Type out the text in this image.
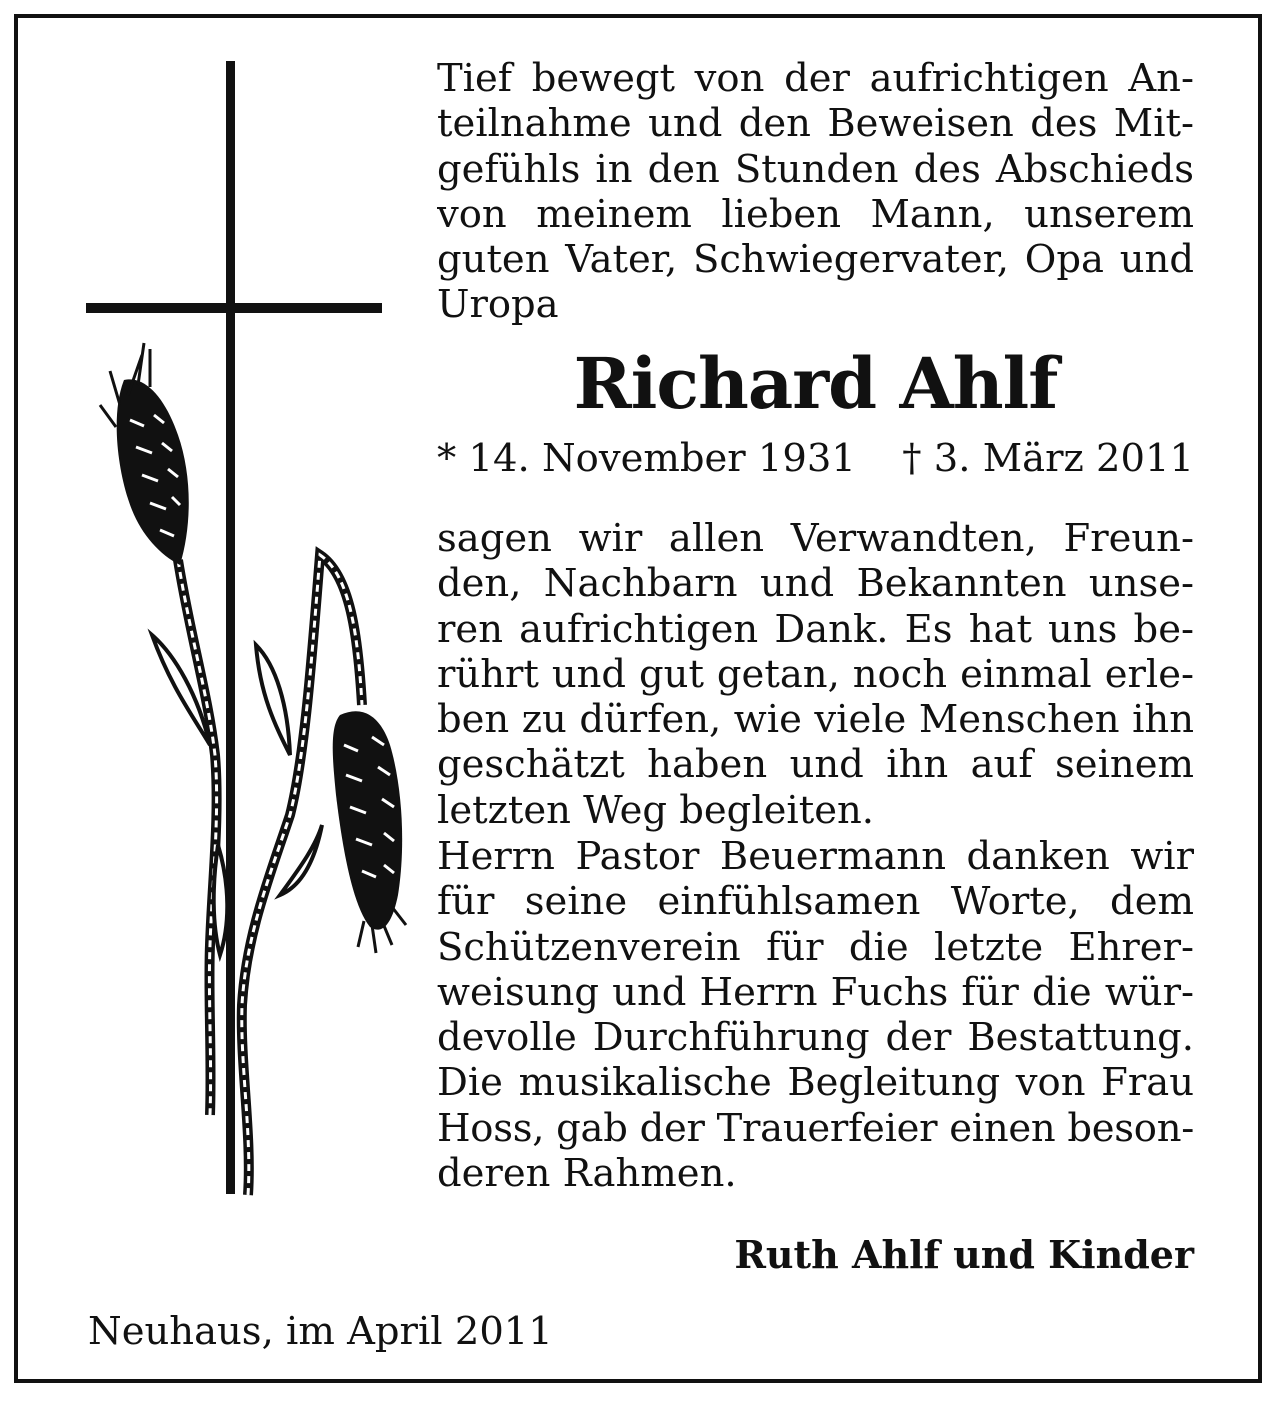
Tief bewegt von der aufrichtigen An-
teilnahme und den Beweisen des Mit-
gefühls in den Stunden des Abschieds
von meinem lieben Mann, unserem
guten Vater, Schwiegervater, Opa und
Uropa
Richard Ahlf
* 14. November 1931 † 3. März 2011
sagen wir allen Verwandten, Freun-
den, Nachbarn und Bekannten unse-
ren aufrichtigen Dank. Es hat uns be-
rührt und gut getan, noch einmal erle-
ben zu dürfen, wie viele Menschen ihn
geschätzt haben und ihn auf seinem
letzten Weg begleiten.
Herrn Pastor Beuermann danken wir
für seine einfühlsamen Worte, dem
Schützenverein für die letzte Ehrer-
weisung und Herrn Fuchs für die wür-
devolle Durchführung der Bestattung.
Die musikalische Begleitung von Frau
Hoss, gab der Trauerfeier einen beson-
deren Rahmen.
Ruth Ahlf und Kinder
Neuhaus, im April 2011
